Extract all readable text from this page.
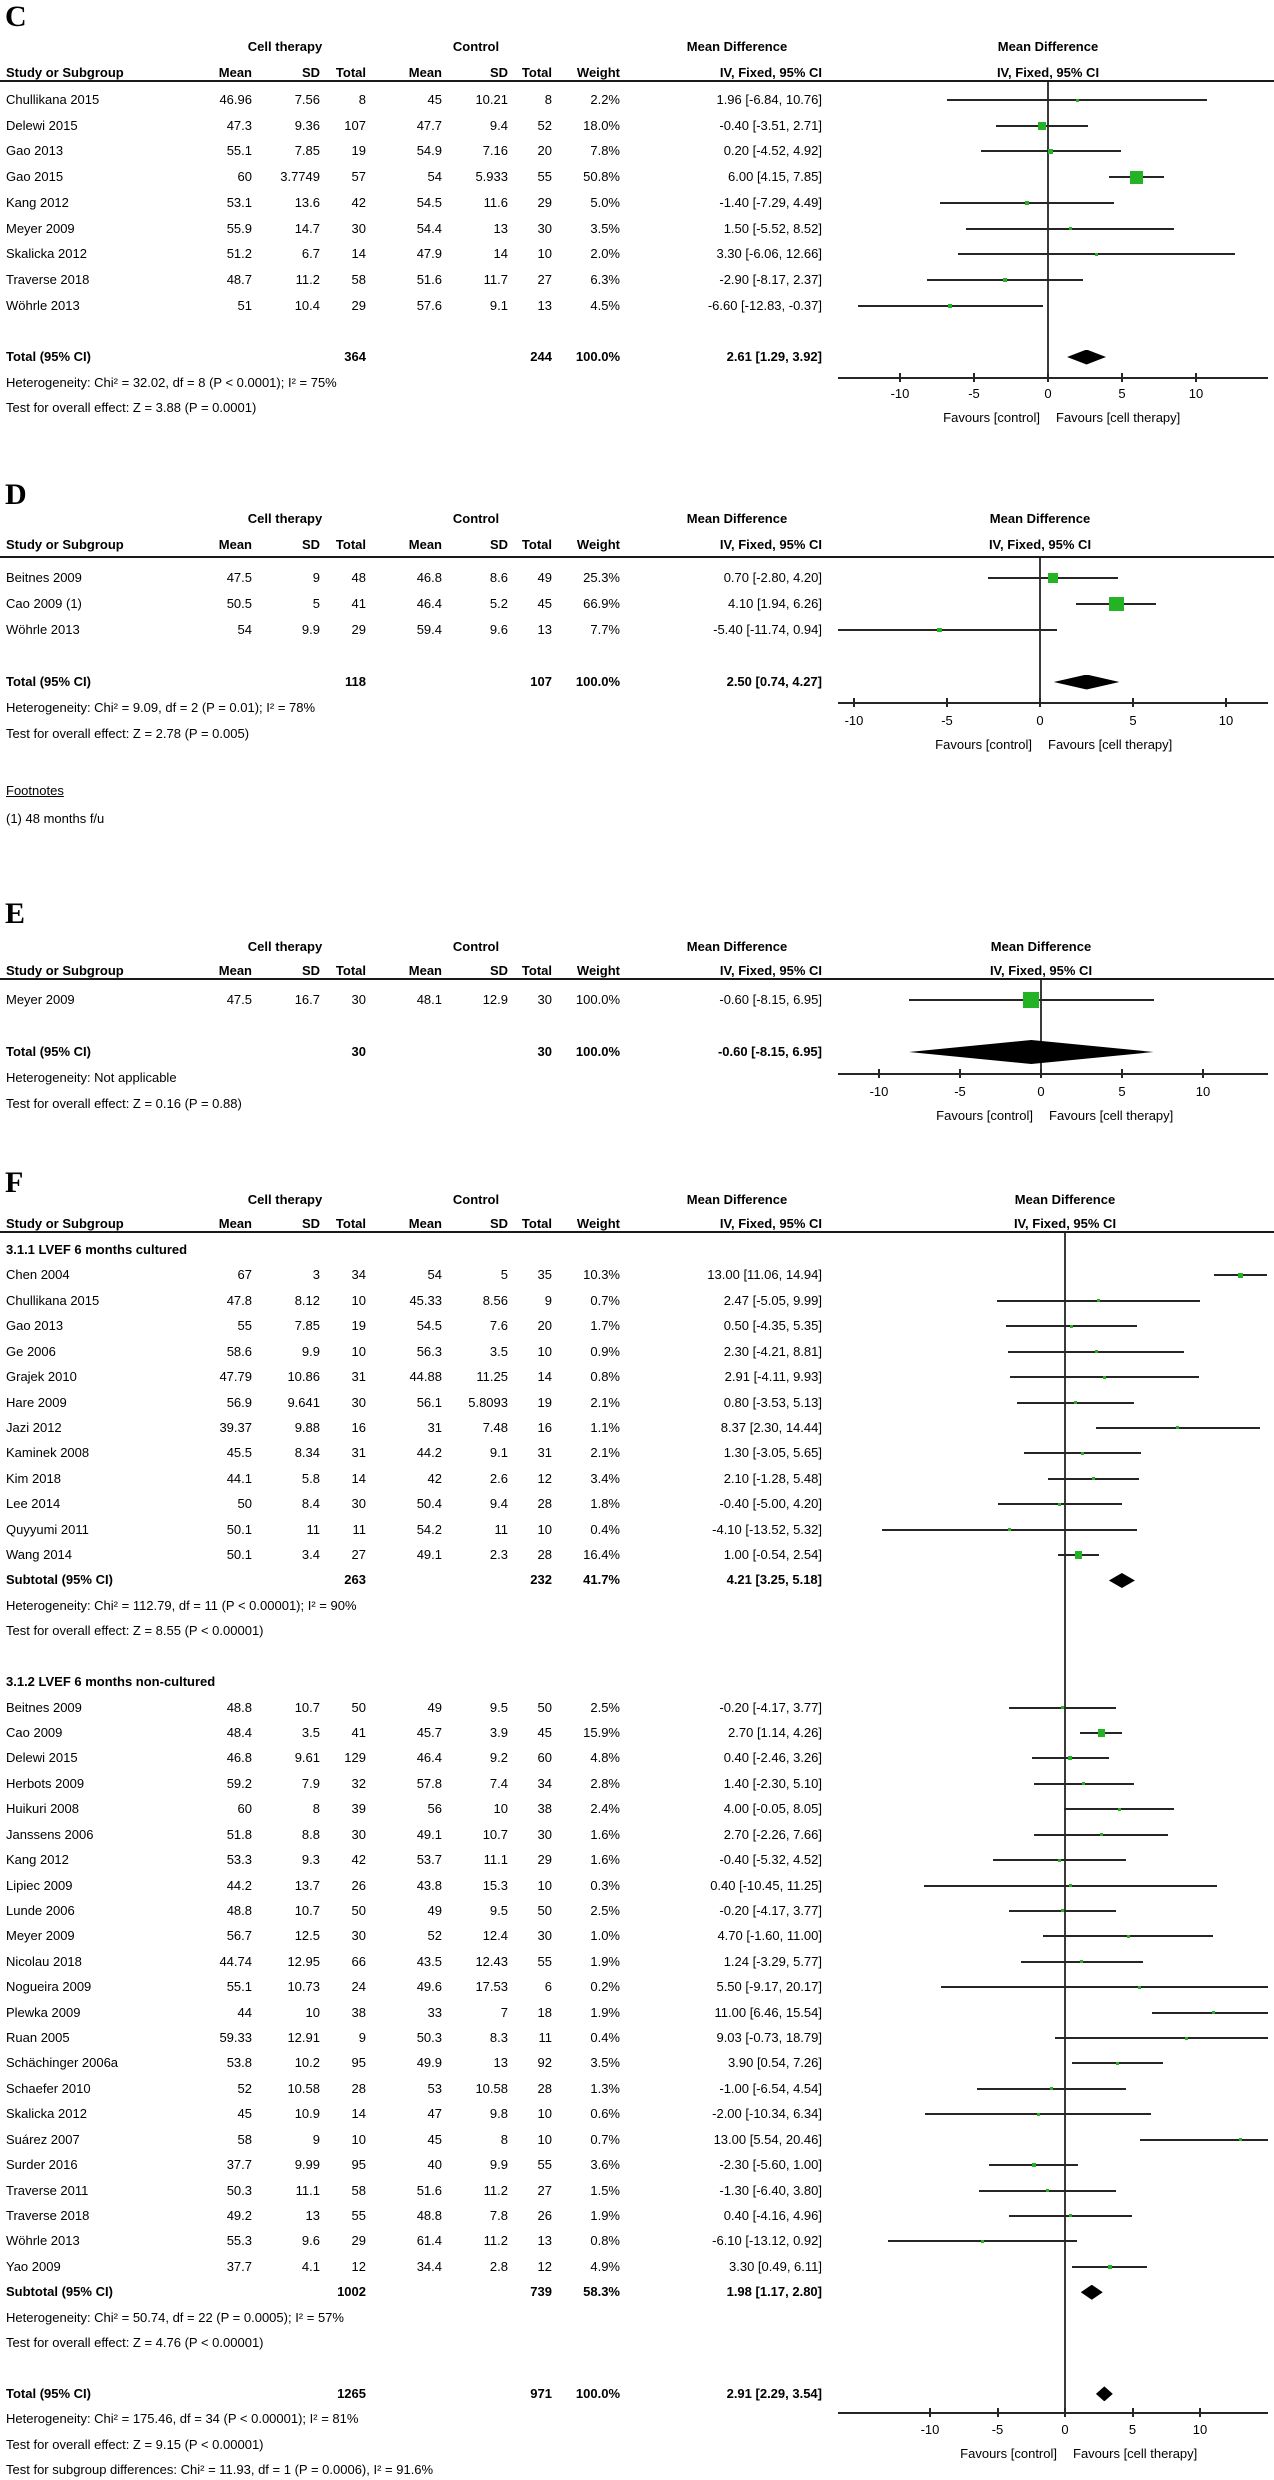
C
Cell therapy	Control	Mean Difference	Mean Difference
Study or Subgroup	Mean	SD	Total	Mean	SD	Total	Weight	IV, Fixed, 95% CI	IV, Fixed, 95% CI
-10	-5	0	5	10
Favours [control] Favours [cell therapy]
Chullikana 2015	46.96	7.56	8	45	10.21	8	2.2%	1.96 [-6.84, 10.76]
Delewi 2015	47.3	9.36	107	47.7	9.4	52	18.0%	-0.40 [-3.51, 2.71]
Gao 2013	55.1	7.85	19	54.9	7.16	20	7.8%	0.20 [-4.52, 4.92]
Gao 2015	60	3.7749	57	54	5.933	55	50.8%	6.00 [4.15, 7.85]
Kang 2012	53.1	13.6	42	54.5	11.6	29	5.0%	-1.40 [-7.29, 4.49]
Meyer 2009	55.9	14.7	30	54.4	13	30	3.5%	1.50 [-5.52, 8.52]
Skalicka 2012	51.2	6.7	14	47.9	14	10	2.0%	3.30 [-6.06, 12.66]
Traverse 2018	48.7	11.2	58	51.6	11.7	27	6.3%	-2.90 [-8.17, 2.37]
Wöhrle 2013	51	10.4	29	57.6	9.1	13	4.5%	-6.60 [-12.83, -0.37]
Total (95% CI)	364	244	100.0%	2.61 [1.29, 3.92]
Heterogeneity: Chi² = 32.02, df = 8 (P < 0.0001); I² = 75%
Test for overall effect: Z = 3.88 (P = 0.0001)
D
Cell therapy	Control	Mean Difference	Mean Difference
Study or Subgroup	Mean	SD	Total	Mean	SD	Total	Weight	IV, Fixed, 95% CI	IV, Fixed, 95% CI
-10	-5	0	5	10
Favours [control] Favours [cell therapy]
Beitnes 2009	47.5	9	48	46.8	8.6	49	25.3%	0.70 [-2.80, 4.20]
Cao 2009 (1)	50.5	5	41	46.4	5.2	45	66.9%	4.10 [1.94, 6.26]
Wöhrle 2013	54	9.9	29	59.4	9.6	13	7.7%	-5.40 [-11.74, 0.94]
Total (95% CI)	118	107	100.0%	2.50 [0.74, 4.27]
Heterogeneity: Chi² = 9.09, df = 2 (P = 0.01); I² = 78%
Test for overall effect: Z = 2.78 (P = 0.005)
Footnotes
(1) 48 months f/u
E
Cell therapy	Control	Mean Difference	Mean Difference
Study or Subgroup	Mean	SD	Total	Mean	SD	Total	Weight	IV, Fixed, 95% CI	IV, Fixed, 95% CI
-10	-5	0	5	10
Favours [control] Favours [cell therapy]
Meyer 2009	47.5	16.7	30	48.1	12.9	30	100.0%	-0.60 [-8.15, 6.95]
Total (95% CI)	30	30	100.0%	-0.60 [-8.15, 6.95]
Heterogeneity: Not applicable
Test for overall effect: Z = 0.16 (P = 0.88)
F
Cell therapy	Control	Mean Difference	Mean Difference
Study or Subgroup	Mean	SD	Total	Mean	SD	Total	Weight	IV, Fixed, 95% CI	IV, Fixed, 95% CI
-10	-5	0	5	10
Favours [control] Favours [cell therapy]
3.1.1 LVEF 6 months cultured
Chen 2004	67	3	34	54	5	35	10.3%	13.00 [11.06, 14.94]
Chullikana 2015	47.8	8.12	10	45.33	8.56	9	0.7%	2.47 [-5.05, 9.99]
Gao 2013	55	7.85	19	54.5	7.6	20	1.7%	0.50 [-4.35, 5.35]
Ge 2006	58.6	9.9	10	56.3	3.5	10	0.9%	2.30 [-4.21, 8.81]
Grajek 2010	47.79	10.86	31	44.88	11.25	14	0.8%	2.91 [-4.11, 9.93]
Hare 2009	56.9	9.641	30	56.1	5.8093	19	2.1%	0.80 [-3.53, 5.13]
Jazi 2012	39.37	9.88	16	31	7.48	16	1.1%	8.37 [2.30, 14.44]
Kaminek 2008	45.5	8.34	31	44.2	9.1	31	2.1%	1.30 [-3.05, 5.65]
Kim 2018	44.1	5.8	14	42	2.6	12	3.4%	2.10 [-1.28, 5.48]
Lee 2014	50	8.4	30	50.4	9.4	28	1.8%	-0.40 [-5.00, 4.20]
Quyyumi 2011	50.1	11	11	54.2	11	10	0.4%	-4.10 [-13.52, 5.32]
Wang 2014	50.1	3.4	27	49.1	2.3	28	16.4%	1.00 [-0.54, 2.54]
Subtotal (95% CI)	263	232	41.7%	4.21 [3.25, 5.18]
Heterogeneity: Chi² = 112.79, df = 11 (P < 0.00001); I² = 90%
Test for overall effect: Z = 8.55 (P < 0.00001)
3.1.2 LVEF 6 months non-cultured
Beitnes 2009	48.8	10.7	50	49	9.5	50	2.5%	-0.20 [-4.17, 3.77]
Cao 2009	48.4	3.5	41	45.7	3.9	45	15.9%	2.70 [1.14, 4.26]
Delewi 2015	46.8	9.61	129	46.4	9.2	60	4.8%	0.40 [-2.46, 3.26]
Herbots 2009	59.2	7.9	32	57.8	7.4	34	2.8%	1.40 [-2.30, 5.10]
Huikuri 2008	60	8	39	56	10	38	2.4%	4.00 [-0.05, 8.05]
Janssens 2006	51.8	8.8	30	49.1	10.7	30	1.6%	2.70 [-2.26, 7.66]
Kang 2012	53.3	9.3	42	53.7	11.1	29	1.6%	-0.40 [-5.32, 4.52]
Lipiec 2009	44.2	13.7	26	43.8	15.3	10	0.3%	0.40 [-10.45, 11.25]
Lunde 2006	48.8	10.7	50	49	9.5	50	2.5%	-0.20 [-4.17, 3.77]
Meyer 2009	56.7	12.5	30	52	12.4	30	1.0%	4.70 [-1.60, 11.00]
Nicolau 2018	44.74	12.95	66	43.5	12.43	55	1.9%	1.24 [-3.29, 5.77]
Nogueira 2009	55.1	10.73	24	49.6	17.53	6	0.2%	5.50 [-9.17, 20.17]
Plewka 2009	44	10	38	33	7	18	1.9%	11.00 [6.46, 15.54]
Ruan 2005	59.33	12.91	9	50.3	8.3	11	0.4%	9.03 [-0.73, 18.79]
Schächinger 2006a	53.8	10.2	95	49.9	13	92	3.5%	3.90 [0.54, 7.26]
Schaefer 2010	52	10.58	28	53	10.58	28	1.3%	-1.00 [-6.54, 4.54]
Skalicka 2012	45	10.9	14	47	9.8	10	0.6%	-2.00 [-10.34, 6.34]
Suárez 2007	58	9	10	45	8	10	0.7%	13.00 [5.54, 20.46]
Surder 2016	37.7	9.99	95	40	9.9	55	3.6%	-2.30 [-5.60, 1.00]
Traverse 2011	50.3	11.1	58	51.6	11.2	27	1.5%	-1.30 [-6.40, 3.80]
Traverse 2018	49.2	13	55	48.8	7.8	26	1.9%	0.40 [-4.16, 4.96]
Wöhrle 2013	55.3	9.6	29	61.4	11.2	13	0.8%	-6.10 [-13.12, 0.92]
Yao 2009	37.7	4.1	12	34.4	2.8	12	4.9%	3.30 [0.49, 6.11]
Subtotal (95% CI)	1002	739	58.3%	1.98 [1.17, 2.80]
Heterogeneity: Chi² = 50.74, df = 22 (P = 0.0005); I² = 57%
Test for overall effect: Z = 4.76 (P < 0.00001)
Total (95% CI)	1265	971	100.0%	2.91 [2.29, 3.54]
Heterogeneity: Chi² = 175.46, df = 34 (P < 0.00001); I² = 81%
Test for overall effect: Z = 9.15 (P < 0.00001)
Test for subgroup differences: Chi² = 11.93, df = 1 (P = 0.0006), I² = 91.6%
